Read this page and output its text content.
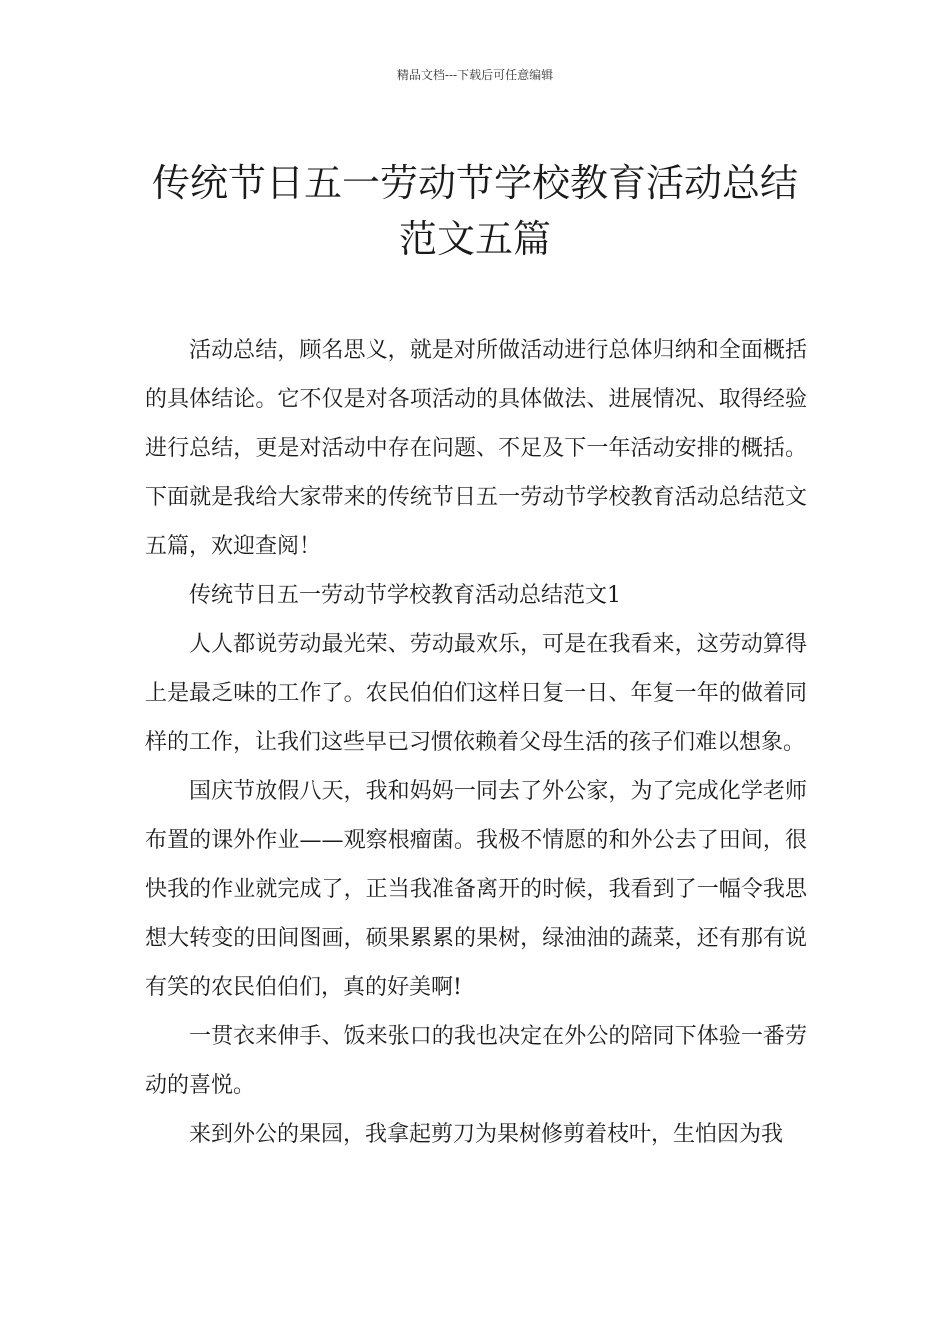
精品文档---下载后可任意编辑
传统节日五一劳动节学校教育活动总结
范文五篇

活动总结，顾名思义，就是对所做活动进行总体归纳和全面概括的具体结论。它不仅是对各项活动的具体做法、进展情况、取得经验进行总结，更是对活动中存在问题、不足及下一年活动安排的概括。下面就是我给大家带来的传统节日五一劳动节学校教育活动总结范文五篇，欢迎查阅！

传统节日五一劳动节学校教育活动总结范文1

人人都说劳动最光荣、劳动最欢乐，可是在我看来，这劳动算得上是最乏味的工作了。农民伯伯们这样日复一日、年复一年的做着同样的工作，让我们这些早已习惯依赖着父母生活的孩子们难以想象。

国庆节放假八天，我和妈妈一同去了外公家，为了完成化学老师布置的课外作业——观察根瘤菌。我极不情愿的和外公去了田间，很快我的作业就完成了，正当我准备离开的时候，我看到了一幅令我思想大转变的田间图画，硕果累累的果树，绿油油的蔬菜，还有那有说有笑的农民伯伯们，真的好美啊!

一贯衣来伸手、饭来张口的我也决定在外公的陪同下体验一番劳动的喜悦。

来到外公的果园，我拿起剪刀为果树修剪着枝叶，生怕因为我
